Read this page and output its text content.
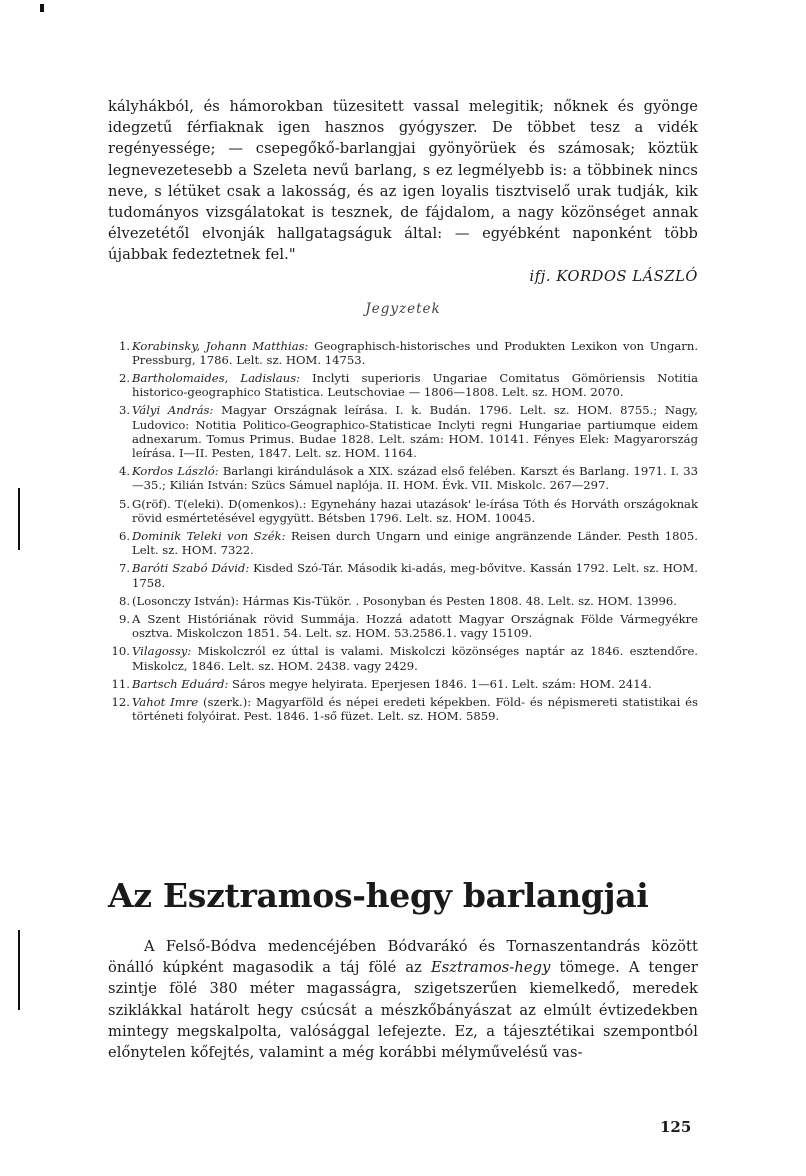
kályhákból, és hámorokban tüzesitett vassal melegitik; nőknek és gyönge idegzetű férfiaknak igen hasznos gyógyszer. De többet tesz a vidék regényessége; — csepegőkő-barlangjai gyönyörüek és számosak; köztük legnevezetesebb a Szeleta nevű barlang, s ez legmélyebb is: a többinek nincs neve, s létüket csak a lakosság, és az igen loyalis tisztviselő urak tudják, kik tudományos vizsgálatokat is tesznek, de fájdalom, a nagy közönséget annak élvezetétől elvonják hallgatagságuk által: — egyébként naponként több újabbak fedeztetnek fel."

ifj. KORDOS LÁSZLÓ

Jegyzetek
1. Korabinsky, Johann Matthias: Geographisch-historisches und Produkten Lexikon von Ungarn. Pressburg, 1786. Lelt. sz. HOM. 14753.
2. Bartholomaides, Ladislaus: Inclyti superioris Ungariae Comitatus Gömöriensis Notitia historico-geographico Statistica. Leutschoviae — 1806—1808. Lelt. sz. HOM. 2070.
3. Vályi András: Magyar Országnak leírása. I. k. Budán. 1796. Lelt. sz. HOM. 8755.; Nagy, Ludovico: Notitia Politico-Geographico-Statistiсae Inclyti regni Hungariae partiumque eidem adnexarum. Tomus Primus. Budae 1828. Lelt. szám: HOM. 10141. Fényes Elek: Magyarország leírása. I—II. Pesten, 1847. Lelt. sz. HOM. 1164.
4. Kordos László: Barlangi kirándulások a XIX. század első felében. Karszt és Barlang. 1971. I. 33—35.; Kilián István: Szücs Sámuel naplója. II. HOM. Évk. VII. Miskolc. 267—297.
5. G(röf). T(eleki). D(omenkos).: Egynehány hazai utazások' le-írása Tóth és Horváth országoknak rövid esmértetésével egygyütt. Bétsben 1796. Lelt. sz. HOM. 10045.
6. Dominik Teleki von Szék: Reisen durch Ungarn und einige angränzende Länder. Pesth 1805. Lelt. sz. HOM. 7322.
7. Baróti Szabó Dávid: Kisded Szó-Tár. Második ki-adás, meg-bővitve. Kassán 1792. Lelt. sz. HOM. 1758.
8. (Losonczy István): Hármas Kis-Tükör. . Posonyban és Pesten 1808. 48. Lelt. sz. HOM. 13996.
9. A Szent Históriának rövid Summája. Hozzá adatott Magyar Országnak Földe Vármegyékre osztva. Miskolczon 1851. 54. Lelt. sz. HOM. 53.2586.1. vagy 15109.
10. Vilagossy: Miskolczról ez úttal is valami. Miskolczi közönséges naptár az 1846. esztendőre. Miskolcz, 1846. Lelt. sz. HOM. 2438. vagy 2429.
11. Bartsch Eduárd: Sáros megye helyirata. Eperjesen 1846. 1—61. Lelt. szám: HOM. 2414.
12. Vahot Imre (szerk.): Magyarföld és népei eredeti képekben. Föld- és népismereti statistikai és történeti folyóirat. Pest. 1846. 1-ső füzet. Lelt. sz. HOM. 5859.
Az Esztramos-hegy barlangjai

A Felső-Bódva medencéjében Bódvarákó és Tornaszentandrás között önálló kúpként magasodik a táj fölé az Esztramos-hegy tömege. A tenger szintje fölé 380 méter magasságra, szigetszerűen kiemelkedő, meredek sziklákkal határolt hegy csúcsát a mészkőbányászat az elmúlt évtizedekben mintegy megskalpolta, valósággal lefejezte. Ez, a tájesztétikai szempontból előnytelen kőfejtés, valamint a még korábbi mélyművelésű vas-

125
